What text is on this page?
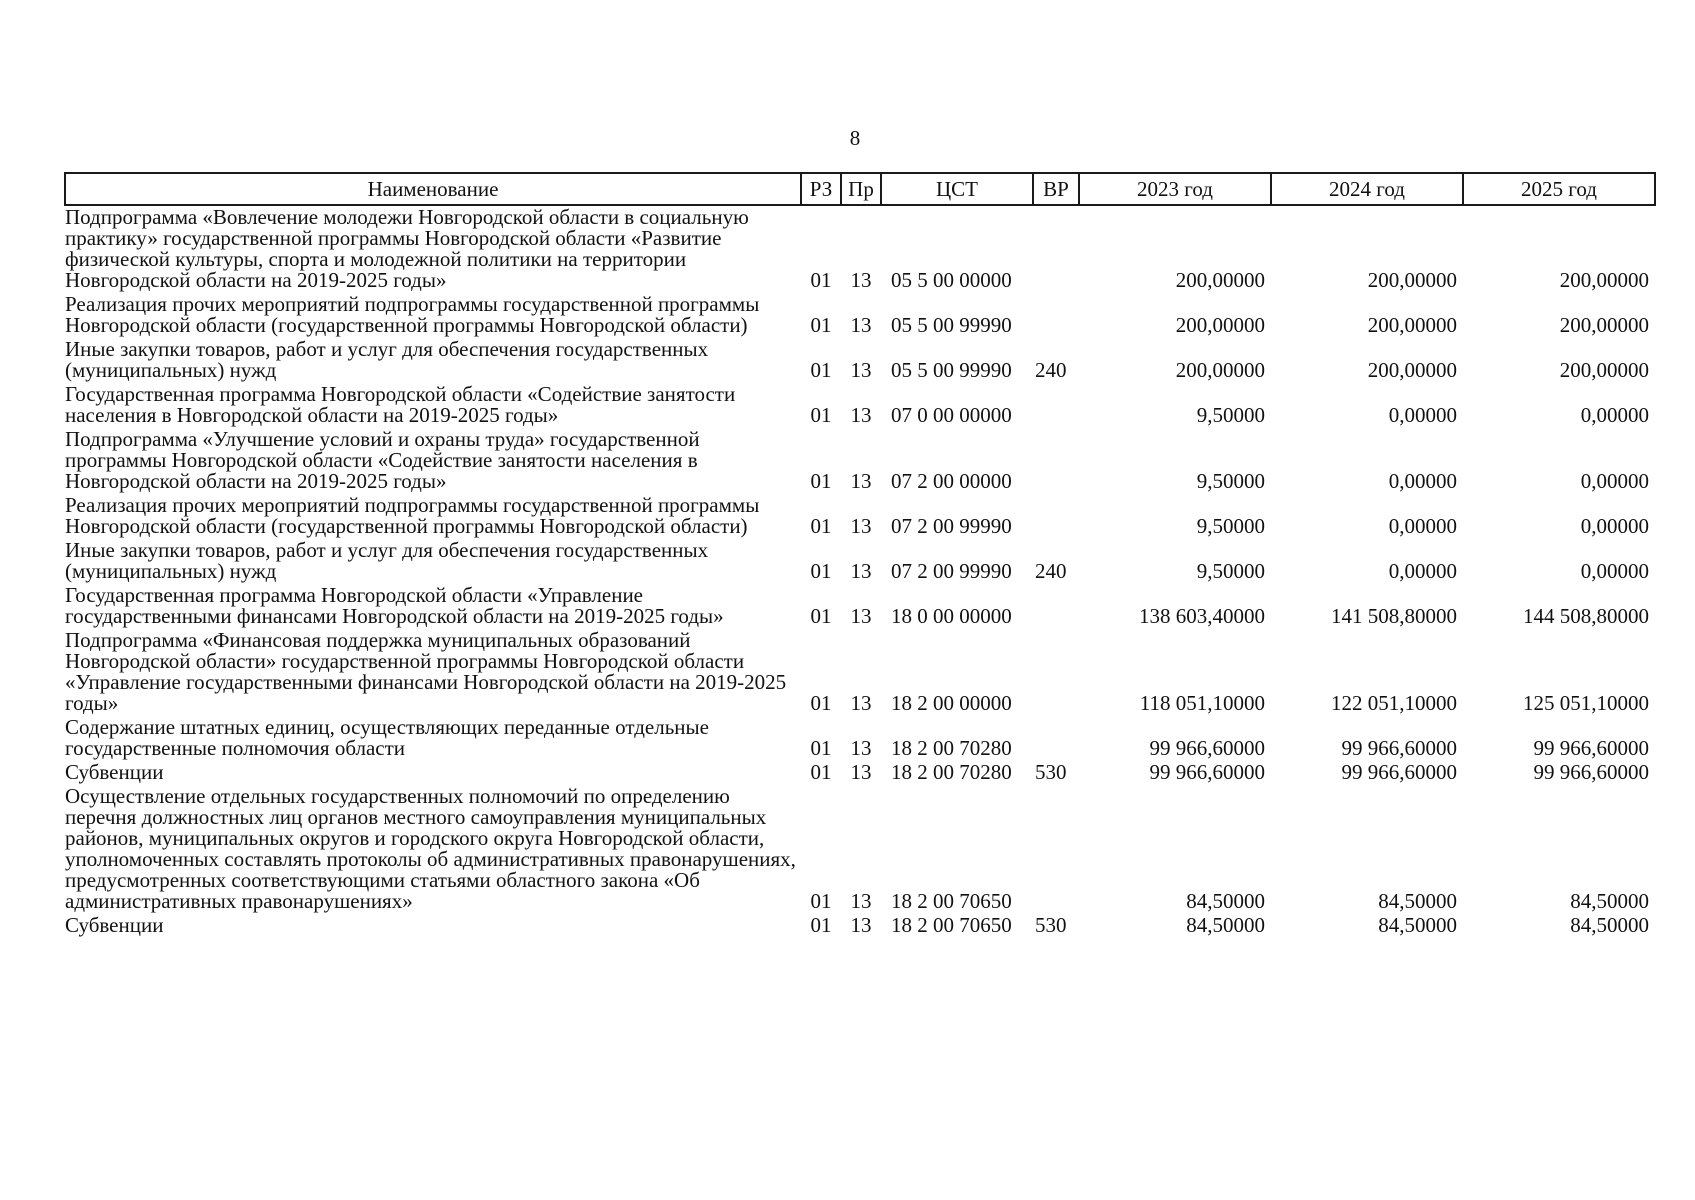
8
Наименование	РЗ	Пр	ЦСТ	ВР	2023 год	2024 год	2025 год
Подпрограмма «Вовлечение молодежи Новгородской области в социальную практику» государственной программы Новгородской области «Развитие физической культуры, спорта и молодежной политики на территории Новгородской области на 2019-2025 годы»	01	13	05 5 00 00000		200,00000	200,00000	200,00000
Реализация прочих мероприятий подпрограммы государственной программы Новгородской области (государственной программы Новгородской области)	01	13	05 5 00 99990		200,00000	200,00000	200,00000
Иные закупки товаров, работ и услуг для обеспечения государственных (муниципальных) нужд	01	13	05 5 00 99990	240	200,00000	200,00000	200,00000
Государственная программа Новгородской области «Содействие занятости населения в Новгородской области на 2019-2025 годы»	01	13	07 0 00 00000		9,50000	0,00000	0,00000
Подпрограмма «Улучшение условий и охраны труда» государственной программы Новгородской области «Содействие занятости населения в Новгородской области на 2019-2025 годы»	01	13	07 2 00 00000		9,50000	0,00000	0,00000
Реализация прочих мероприятий подпрограммы государственной программы Новгородской области (государственной программы Новгородской области)	01	13	07 2 00 99990		9,50000	0,00000	0,00000
Иные закупки товаров, работ и услуг для обеспечения государственных (муниципальных) нужд	01	13	07 2 00 99990	240	9,50000	0,00000	0,00000
Государственная программа Новгородской области «Управление государственными финансами Новгородской области на 2019-2025 годы»	01	13	18 0 00 00000		138 603,40000	141 508,80000	144 508,80000
Подпрограмма «Финансовая поддержка муниципальных образований Новгородской области» государственной программы Новгородской области «Управление государственными финансами Новгородской области на 2019-2025 годы»	01	13	18 2 00 00000		118 051,10000	122 051,10000	125 051,10000
Содержание штатных единиц, осуществляющих переданные отдельные государственные полномочия области	01	13	18 2 00 70280		99 966,60000	99 966,60000	99 966,60000
Субвенции	01	13	18 2 00 70280	530	99 966,60000	99 966,60000	99 966,60000
Осуществление отдельных государственных полномочий по определению перечня должностных лиц органов местного самоуправления муниципальных районов, муниципальных округов и городского округа Новгородской области, уполномоченных составлять протоколы об административных правонарушениях, предусмотренных соответствующими статьями областного закона «Об административных правонарушениях»	01	13	18 2 00 70650		84,50000	84,50000	84,50000
Субвенции	01	13	18 2 00 70650	530	84,50000	84,50000	84,50000
